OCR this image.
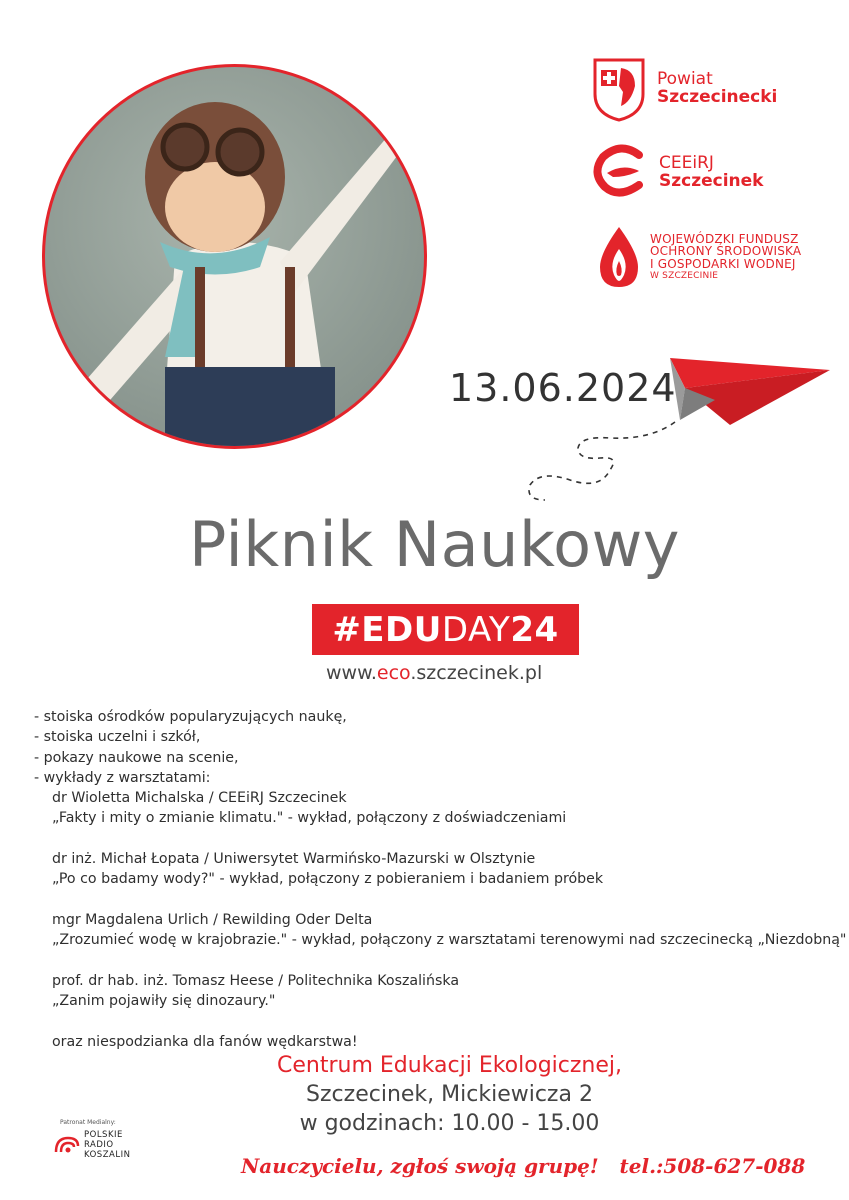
Powiat
Szczecinecki
CEEiRJ
Szczecinek
WOJEWÓDZKI FUNDUSZ
OCHRONY ŚRODOWISKA
I GOSPODARKI WODNEJ
W SZCZECINIE
13.06.2024
Piknik Naukowy
#EDU DAY 24
www.eco.szczecinek.pl
- stoiska ośrodków popularyzujących naukę,
- stoiska uczelni i szkół,
- pokazy naukowe na scenie,
- wykłady z warsztatami:
dr Wioletta Michalska / CEEiRJ Szczecinek
„Fakty i mity o zmianie klimatu." - wykład, połączony z doświadczeniami
dr inż. Michał Łopata / Uniwersytet Warmińsko-Mazurski w Olsztynie
„Po co badamy wody?" - wykład, połączony z pobieraniem i badaniem próbek
mgr Magdalena Urlich / Rewilding Oder Delta
„Zrozumieć wodę w krajobrazie." - wykład, połączony z warsztatami terenowymi nad szczecinecką „Niezdobną"
prof. dr hab. inż. Tomasz Heese / Politechnika Koszalińska
„Zanim pojawiły się dinozaury."
oraz niespodzianka dla fanów wędkarstwa!
Centrum Edukacji Ekologicznej,
Szczecinek, Mickiewicza 2
w godzinach: 10.00 - 15.00
Patronat Medialny:
POLSKIE
RADIO
KOSZALIN	Nauczycielu, zgłoś swoją grupę!   tel.:508-627-088
